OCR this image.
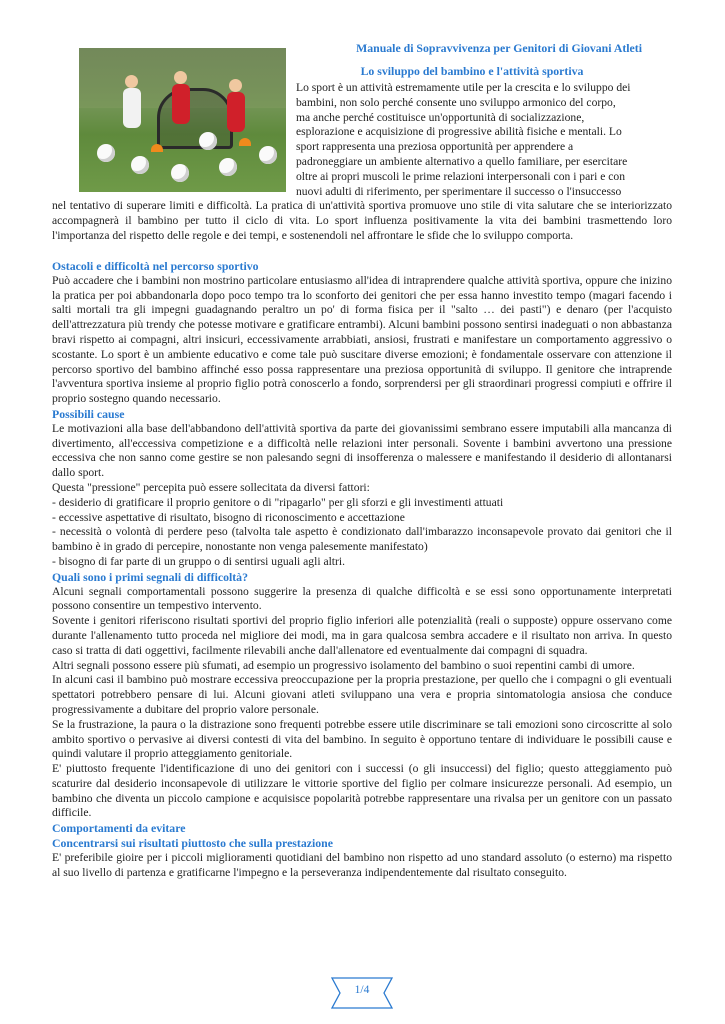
Manuale di Sopravvivenza per Genitori di Giovani Atleti
Lo sviluppo del bambino e l'attività sportiva
Lo sport è un attività estremamente utile per la crescita e lo sviluppo dei
bambini, non solo perché consente uno sviluppo armonico del corpo,
ma anche perché costituisce un'opportunità di socializzazione,
esplorazione e acquisizione di progressive abilità fisiche e mentali. Lo
sport rappresenta una preziosa opportunità per apprendere a
padroneggiare un ambiente alternativo a quello familiare, per esercitare
oltre ai propri muscoli le prime relazioni interpersonali con i pari e con
nuovi adulti di riferimento, per sperimentare il successo o l'insuccesso
nel tentativo di superare limiti e difficoltà. La pratica di un'attività sportiva promuove uno stile di vita salutare che se interiorizzato accompagnerà il bambino per tutto il ciclo di vita. Lo sport influenza positivamente la vita dei bambini trasmettendo loro l'importanza del rispetto delle regole e dei tempi, e sostenendoli nel affrontare le sfide che lo sviluppo comporta.
Ostacoli e difficoltà nel percorso sportivo

Può accadere che i bambini non mostrino particolare entusiasmo all'idea di intraprendere qualche attività sportiva, oppure che inizino la pratica per poi abbandonarla dopo poco tempo tra lo sconforto dei genitori che per essa hanno investito tempo (magari facendo i salti mortali tra gli impegni guadagnando peraltro un po' di forma fisica per il "salto … dei pasti") e denaro (per l'acquisto dell'attrezzatura più trendy che potesse motivare e gratificare entrambi). Alcuni bambini possono sentirsi inadeguati o non abbastanza bravi rispetto ai compagni, altri insicuri, eccessivamente arrabbiati, ansiosi, frustrati e manifestare un comportamento aggressivo o scostante. Lo sport è un ambiente educativo e come tale può suscitare diverse emozioni; è fondamentale osservare con attenzione il percorso sportivo del bambino affinché esso possa rappresentare una preziosa opportunità di sviluppo. Il genitore che intraprende l'avventura sportiva insieme al proprio figlio potrà conoscerlo a fondo, sorprendersi per gli straordinari progressi compiuti e offrire il proprio sostegno quando necessario.

Possibili cause

Le motivazioni alla base dell'abbandono dell'attività sportiva da parte dei giovanissimi sembrano essere imputabili alla mancanza di divertimento, all'eccessiva competizione e a difficoltà nelle relazioni inter personali. Sovente i bambini avvertono una pressione eccessiva che non sanno come gestire se non palesando segni di insofferenza o malessere e manifestando il desiderio di allontanarsi dallo sport.

Questa "pressione" percepita può essere sollecitata da diversi fattori:

- desiderio di gratificare il proprio genitore o di "ripagarlo" per gli sforzi e gli investimenti attuati

- eccessive aspettative di risultato, bisogno di riconoscimento e accettazione

- necessità o volontà di perdere peso (talvolta tale aspetto è condizionato dall'imbarazzo inconsapevole provato dai genitori che il bambino è in grado di percepire, nonostante non venga palesemente manifestato)

- bisogno di far parte di un gruppo o di sentirsi uguali agli altri.

Quali sono i primi segnali di difficoltà?

Alcuni segnali comportamentali possono suggerire la presenza di qualche difficoltà e se essi sono opportunamente interpretati possono consentire un tempestivo intervento.

Sovente i genitori riferiscono risultati sportivi del proprio figlio inferiori alle potenzialità (reali o supposte) oppure osservano come durante l'allenamento tutto proceda nel migliore dei modi, ma in gara qualcosa sembra accadere e il risultato non arriva. In questo caso si tratta di dati oggettivi, facilmente rilevabili anche dall'allenatore ed eventualmente dai compagni di squadra.

Altri segnali possono essere più sfumati, ad esempio un progressivo isolamento del bambino o suoi repentini cambi di umore.

In alcuni casi il bambino può mostrare eccessiva preoccupazione per la propria prestazione, per quello che i compagni o gli eventuali spettatori potrebbero pensare di lui. Alcuni giovani atleti sviluppano una vera e propria sintomatologia ansiosa che conduce progressivamente a dubitare del proprio valore personale.

Se la frustrazione, la paura o la distrazione sono frequenti potrebbe essere utile discriminare se tali emozioni sono circoscritte al solo ambito sportivo o pervasive ai diversi contesti di vita del bambino. In seguito è opportuno tentare di individuare le possibili cause e quindi valutare il proprio atteggiamento genitoriale.

E' piuttosto frequente l'identificazione di uno dei genitori con i successi (o gli insuccessi) del figlio; questo atteggiamento può scaturire dal desiderio inconsapevole di utilizzare le vittorie sportive del figlio per colmare insicurezze personali. Ad esempio, un bambino che diventa un piccolo campione e acquisisce popolarità potrebbe rappresentare una rivalsa per un genitore con un passato difficile.

Comportamenti da evitare
Concentrarsi sui risultati piuttosto che sulla prestazione

E' preferibile gioire per i piccoli miglioramenti quotidiani del bambino non rispetto ad uno standard assoluto (o esterno) ma rispetto al suo livello di partenza e gratificarne l'impegno e la perseveranza indipendentemente dal risultato conseguito.

1/4
